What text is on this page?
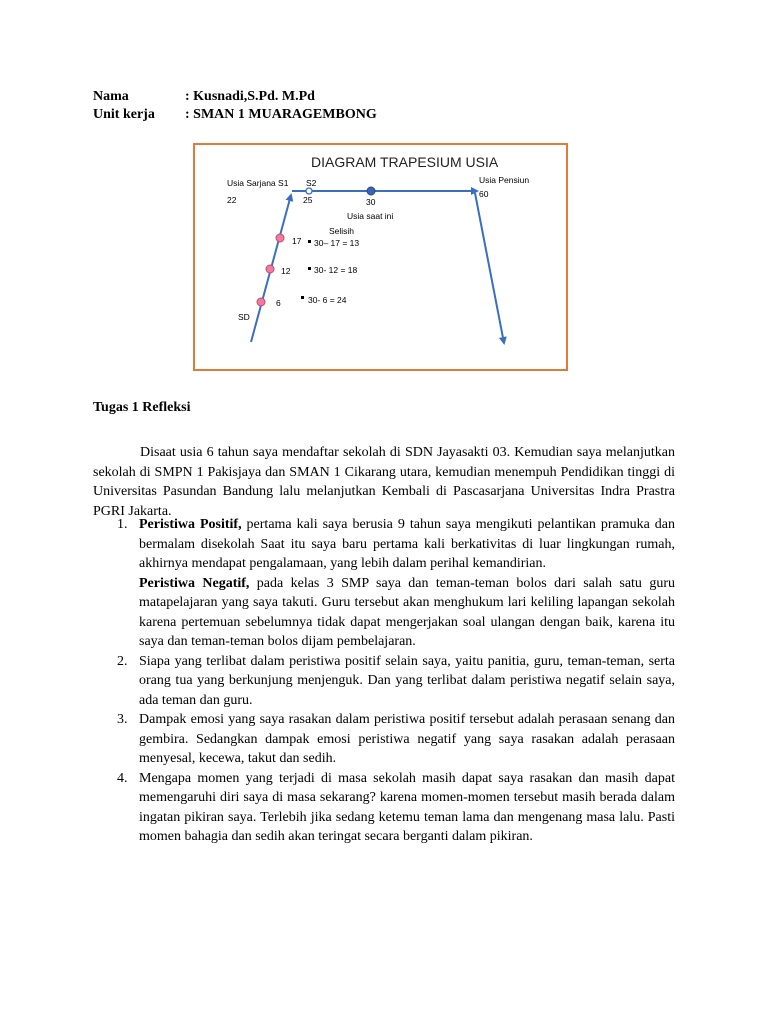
Nama	: Kusnadi,S.Pd. M.Pd
Unit kerja : SMAN 1 MUARAGEMBONG
DIAGRAM TRAPESIUM USIA
Usia Sarjana S1 S2	Usia Pensiun
22	25	30
60
Usia saat ini
Selisih
17
12
6
SD
30– 17 = 13
30- 12 = 18
30- 6 = 24
Tugas 1 Refleksi

Disaat usia 6 tahun saya mendaftar sekolah di SDN Jayasakti 03. Kemudian saya melanjutkan sekolah di SMPN 1 Pakisjaya dan SMAN 1 Cikarang utara, kemudian menempuh Pendidikan tinggi di Universitas Pasundan Bandung lalu melanjutkan Kembali di Pascasarjana Universitas Indra Prastra PGRI Jakarta.

1. Peristiwa Positif, pertama kali saya berusia 9 tahun saya mengikuti pelantikan pramuka dan bermalam disekolah Saat itu saya baru pertama kali berkativitas di luar lingkungan rumah, akhirnya mendapat pengalamaan, yang lebih dalam perihal kemandirian.

Peristiwa Negatif, pada kelas 3 SMP saya dan teman-teman bolos dari salah satu guru matapelajaran yang saya takuti. Guru tersebut akan menghukum lari keliling lapangan sekolah karena pertemuan sebelumnya tidak dapat mengerjakan soal ulangan dengan baik, karena itu saya dan teman-teman bolos dijam pembelajaran.

2. Siapa yang terlibat dalam peristiwa positif selain saya, yaitu panitia, guru, teman-teman, serta orang tua yang berkunjung menjenguk. Dan yang terlibat dalam peristiwa negatif selain saya, ada teman dan guru.

3. Dampak emosi yang saya rasakan dalam peristiwa positif tersebut adalah perasaan senang dan gembira. Sedangkan dampak emosi peristiwa negatif yang saya rasakan adalah perasaan menyesal, kecewa, takut dan sedih.

4. Mengapa momen yang terjadi di masa sekolah masih dapat saya rasakan dan masih dapat memengaruhi diri saya di masa sekarang? karena momen-momen tersebut masih berada dalam ingatan pikiran saya. Terlebih jika sedang ketemu teman lama dan mengenang masa lalu. Pasti momen bahagia dan sedih akan teringat secara berganti dalam pikiran.
